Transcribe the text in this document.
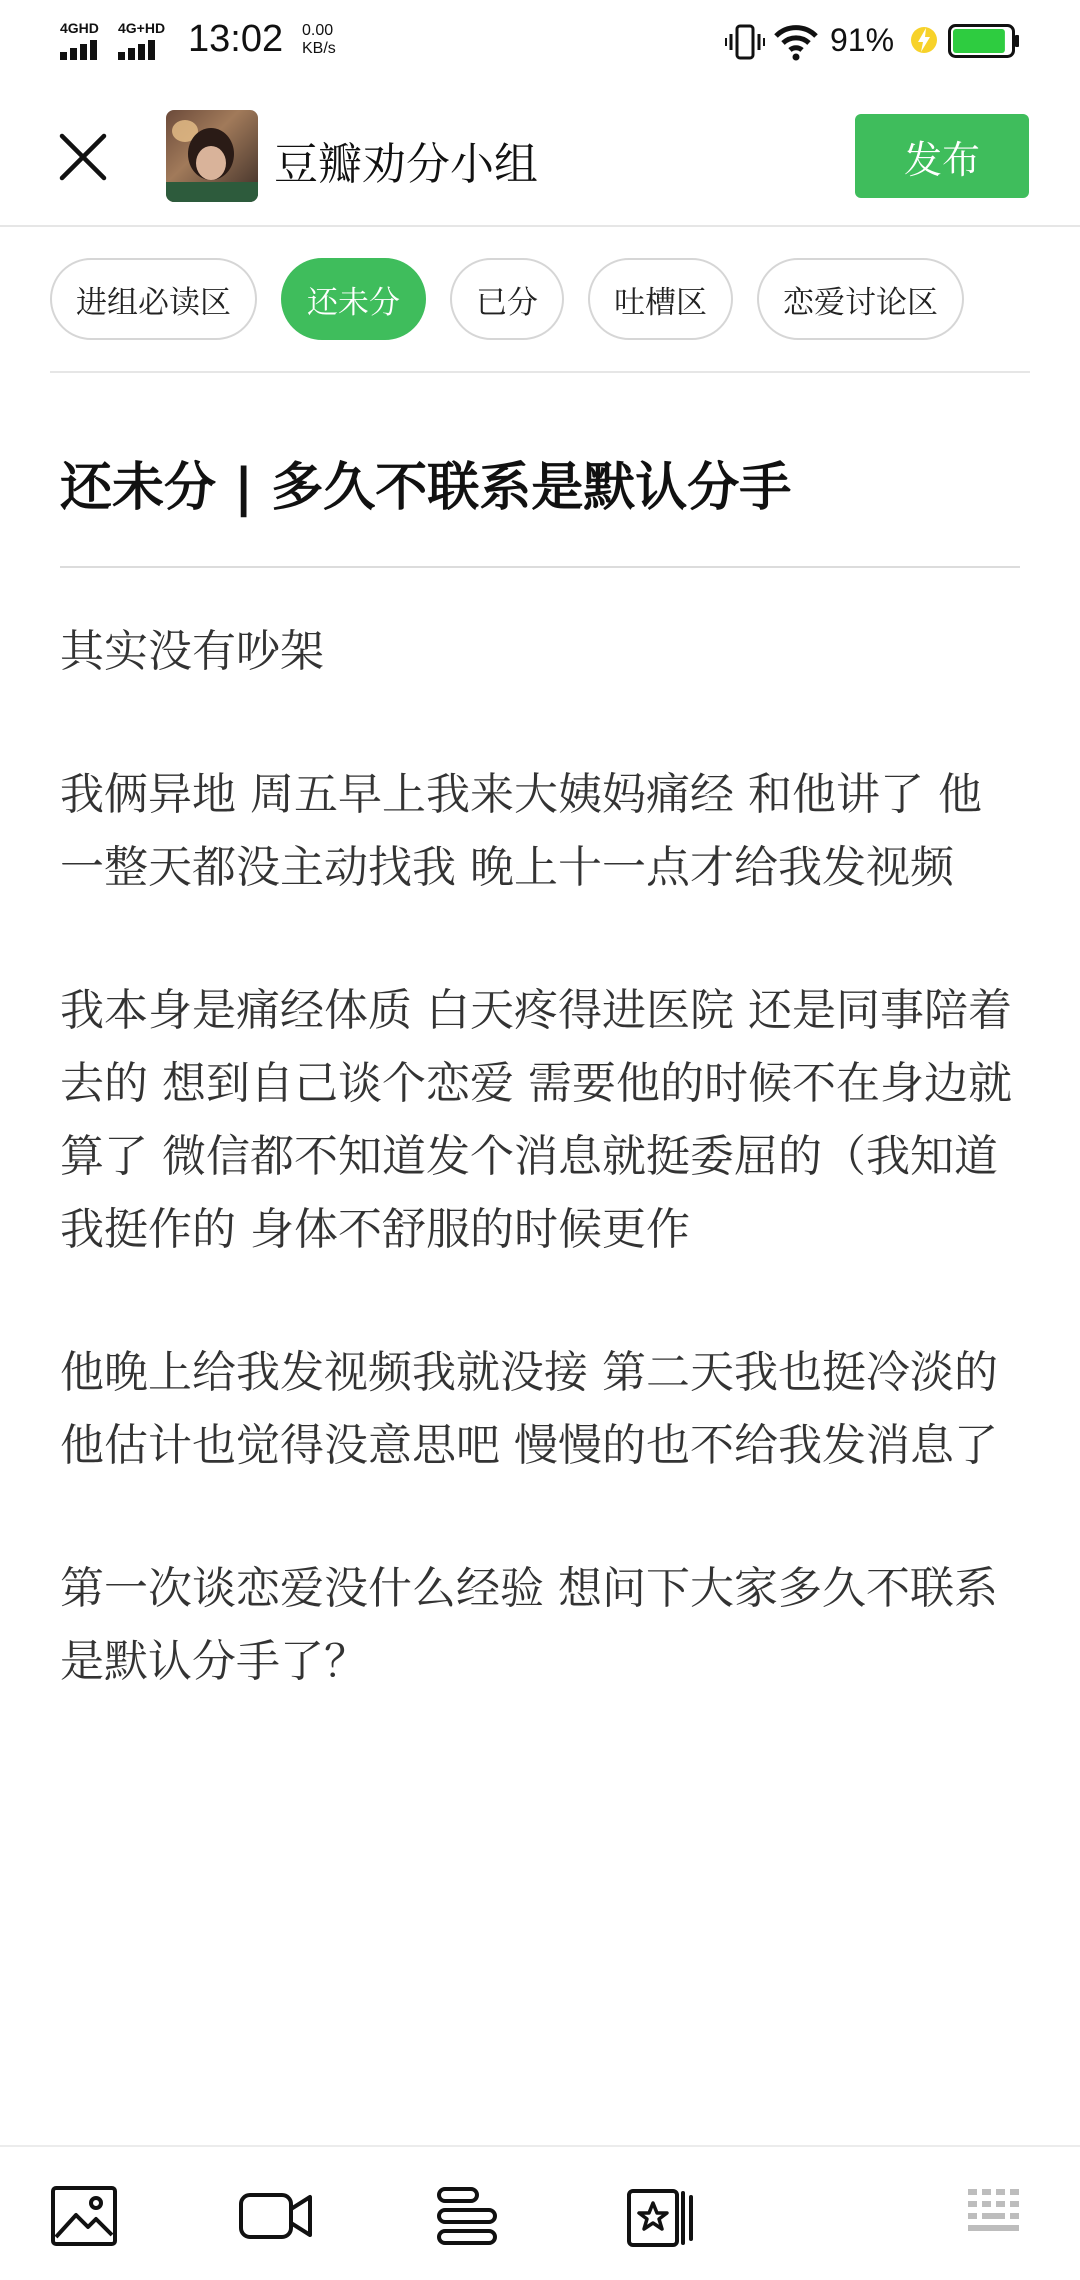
4GHD 4G+HD 13:02 0.00
KB/s	91%
豆瓣劝分小组	发布
进组必读区	还未分	已分	吐槽区	恋爱讨论区
还未分 | 多久不联系是默认分手

其实没有吵架

我俩异地 周五早上我来大姨妈痛经 和他讲了 他一整天都没主动找我 晚上十一点才给我发视频

我本身是痛经体质 白天疼得进医院 还是同事陪着去的 想到自己谈个恋爱 需要他的时候不在身边就算了 微信都不知道发个消息就挺委屈的（我知道我挺作的 身体不舒服的时候更作

他晚上给我发视频我就没接 第二天我也挺冷淡的 他估计也觉得没意思吧 慢慢的也不给我发消息了

第一次谈恋爱没什么经验 想问下大家多久不联系是默认分手了？
